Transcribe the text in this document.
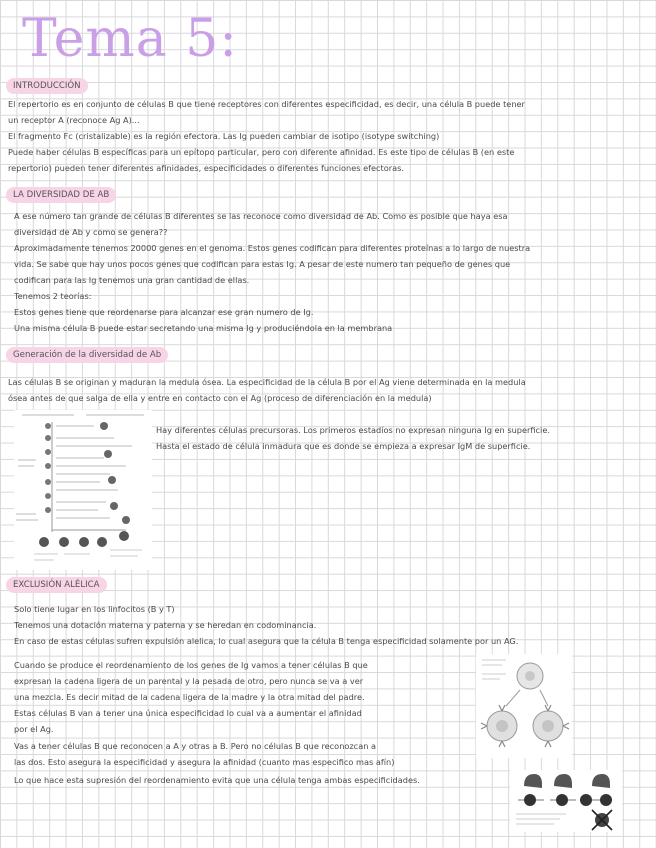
Tema 5:
INTRODUCCIÓN
El repertorio es en conjunto de células B que tiene receptores con diferentes especificidad, es decir, una célula B puede tener
un receptor A (reconoce Ag A)...
El fragmento Fc (cristalizable) es la región efectora. Las Ig pueden cambiar de isotipo (isotype switching)
Puede haber células B específicas para un epítopo particular, pero con diferente afinidad. Es este tipo de células B (en este
repertorio) pueden tener diferentes afinidades, especificidades o diferentes funciones efectoras.
LA DIVERSIDAD DE AB
A ese número tan grande de células B diferentes se las reconoce como diversidad de Ab. Como es posible que haya esa
diversidad de Ab y como se genera??
Aproximadamente tenemos 20000 genes en el genoma. Estos genes codifican para diferentes proteínas a lo largo de nuestra
vida. Se sabe que hay unos pocos genes que codifican para estas Ig. A pesar de este numero tan pequeño de genes que
codifican para las Ig tenemos una gran cantidad de ellas.
Tenemos 2 teorías:
Estos genes tiene que reordenarse para alcanzar ese gran numero de Ig.
Una misma célula B puede estar secretando una misma Ig y produciéndola en la membrana
Generación de la diversidad de Ab
Las células B se originan y maduran la medula ósea. La especificidad de la célula B por el Ag viene determinada en la medula
ósea antes de que salga de ella y entre en contacto con el Ag (proceso de diferenciación en la medula)
Hay diferentes células precursoras. Los primeros estadíos no expresan ninguna Ig en superficie.
Hasta el estado de célula inmadura que es donde se empieza a expresar IgM de superficie.
EXCLUSIÓN ALÉLICA
Solo tiene lugar en los linfocitos (B y T)
Tenemos una dotación materna y paterna y se heredan en codominancia.
En caso de estas células sufren expulsión alelica, lo cual asegura que la célula B tenga especificidad solamente por un AG.
Cuando se produce el reordenamiento de los genes de Ig vamos a tener células B que
expresan la cadena ligera de un parental y la pesada de otro, pero nunca se va a ver
una mezcla. Es decir mitad de la cadena ligera de la madre y la otra mitad del padre.
Estas células B van a tener una única especificidad lo cual va a aumentar el afinidad
por el Ag.
Vas a tener células B que reconocen a A y otras a B. Pero no células B que reconozcan a
las dos. Esto asegura la especificidad y asegura la afinidad (cuanto mas especifico mas afín)
Lo que hace esta supresión del reordenamiento evita que una célula tenga ambas especificidades.
